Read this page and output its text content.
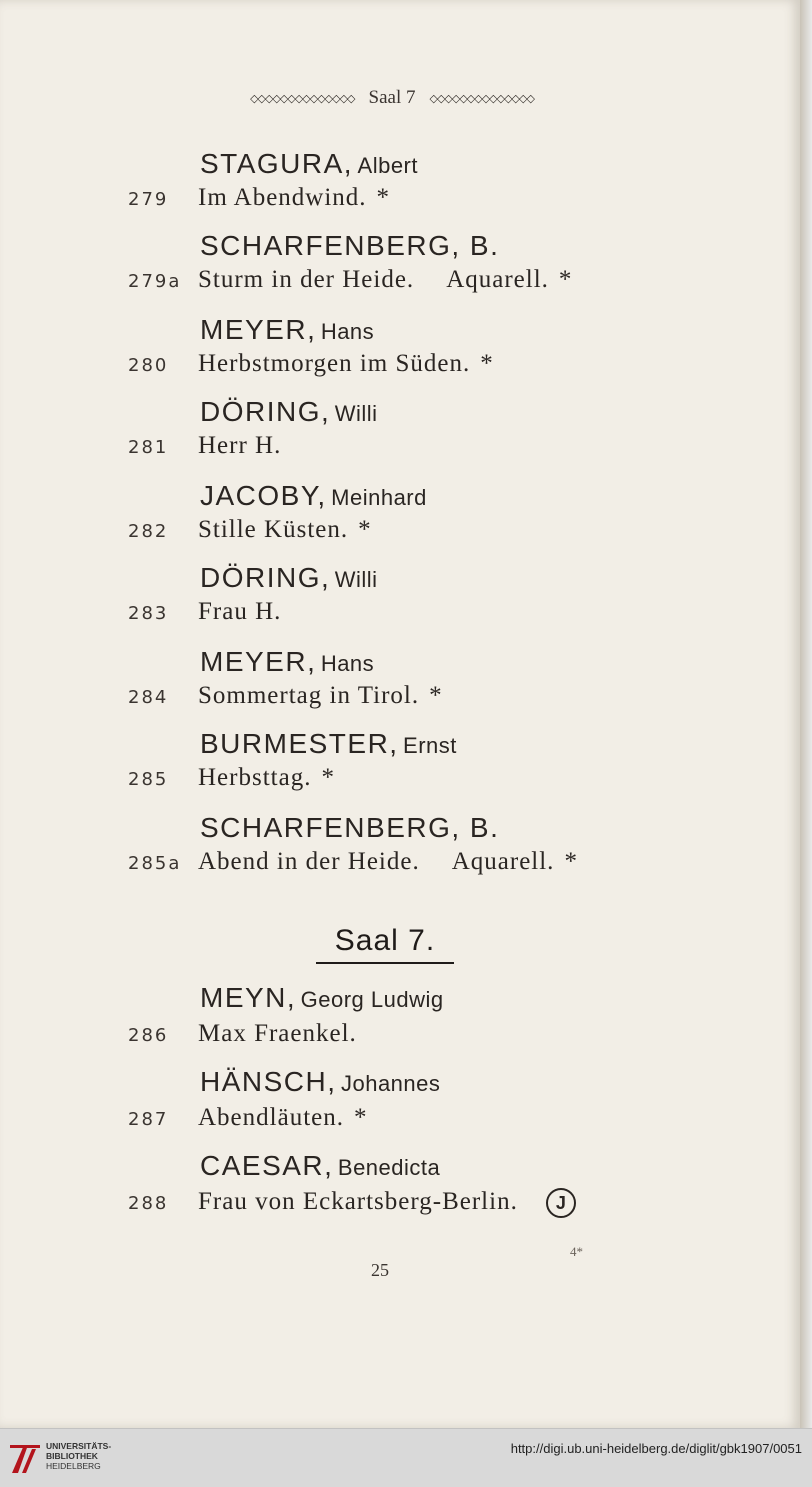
◇◇◇◇◇◇◇◇◇◇◇◇◇◇ Saal 7 ◇◇◇◇◇◇◇◇◇◇◇◇◇◇
STAGURA, Albert
279	Im Abendwind. *
SCHARFENBERG, B.
279a Sturm in der Heide. Aquarell. *
MEYER, Hans
280	Herbstmorgen im Süden. *
DÖRING, Willi
281	Herr H.
JACOBY, Meinhard
282	Stille Küsten. *
DÖRING, Willi
283	Frau H.
MEYER, Hans
284	Sommertag in Tirol. *
BURMESTER, Ernst
285	Herbsttag. *
SCHARFENBERG, B.
285a Abend in der Heide. Aquarell. *
Saal 7.
MEYN, Georg Ludwig
286	Max Fraenkel.
HÄNSCH, Johannes
287	Abendläuten. *
CAESAR, Benedicta
288	Frau von Eckartsberg-Berlin.	J
4*
25
UNIVERSITÄTS-
BIBLIOTHEK
HEIDELBERG
http://digi.ub.uni-heidelberg.de/diglit/gbk1907/0051
